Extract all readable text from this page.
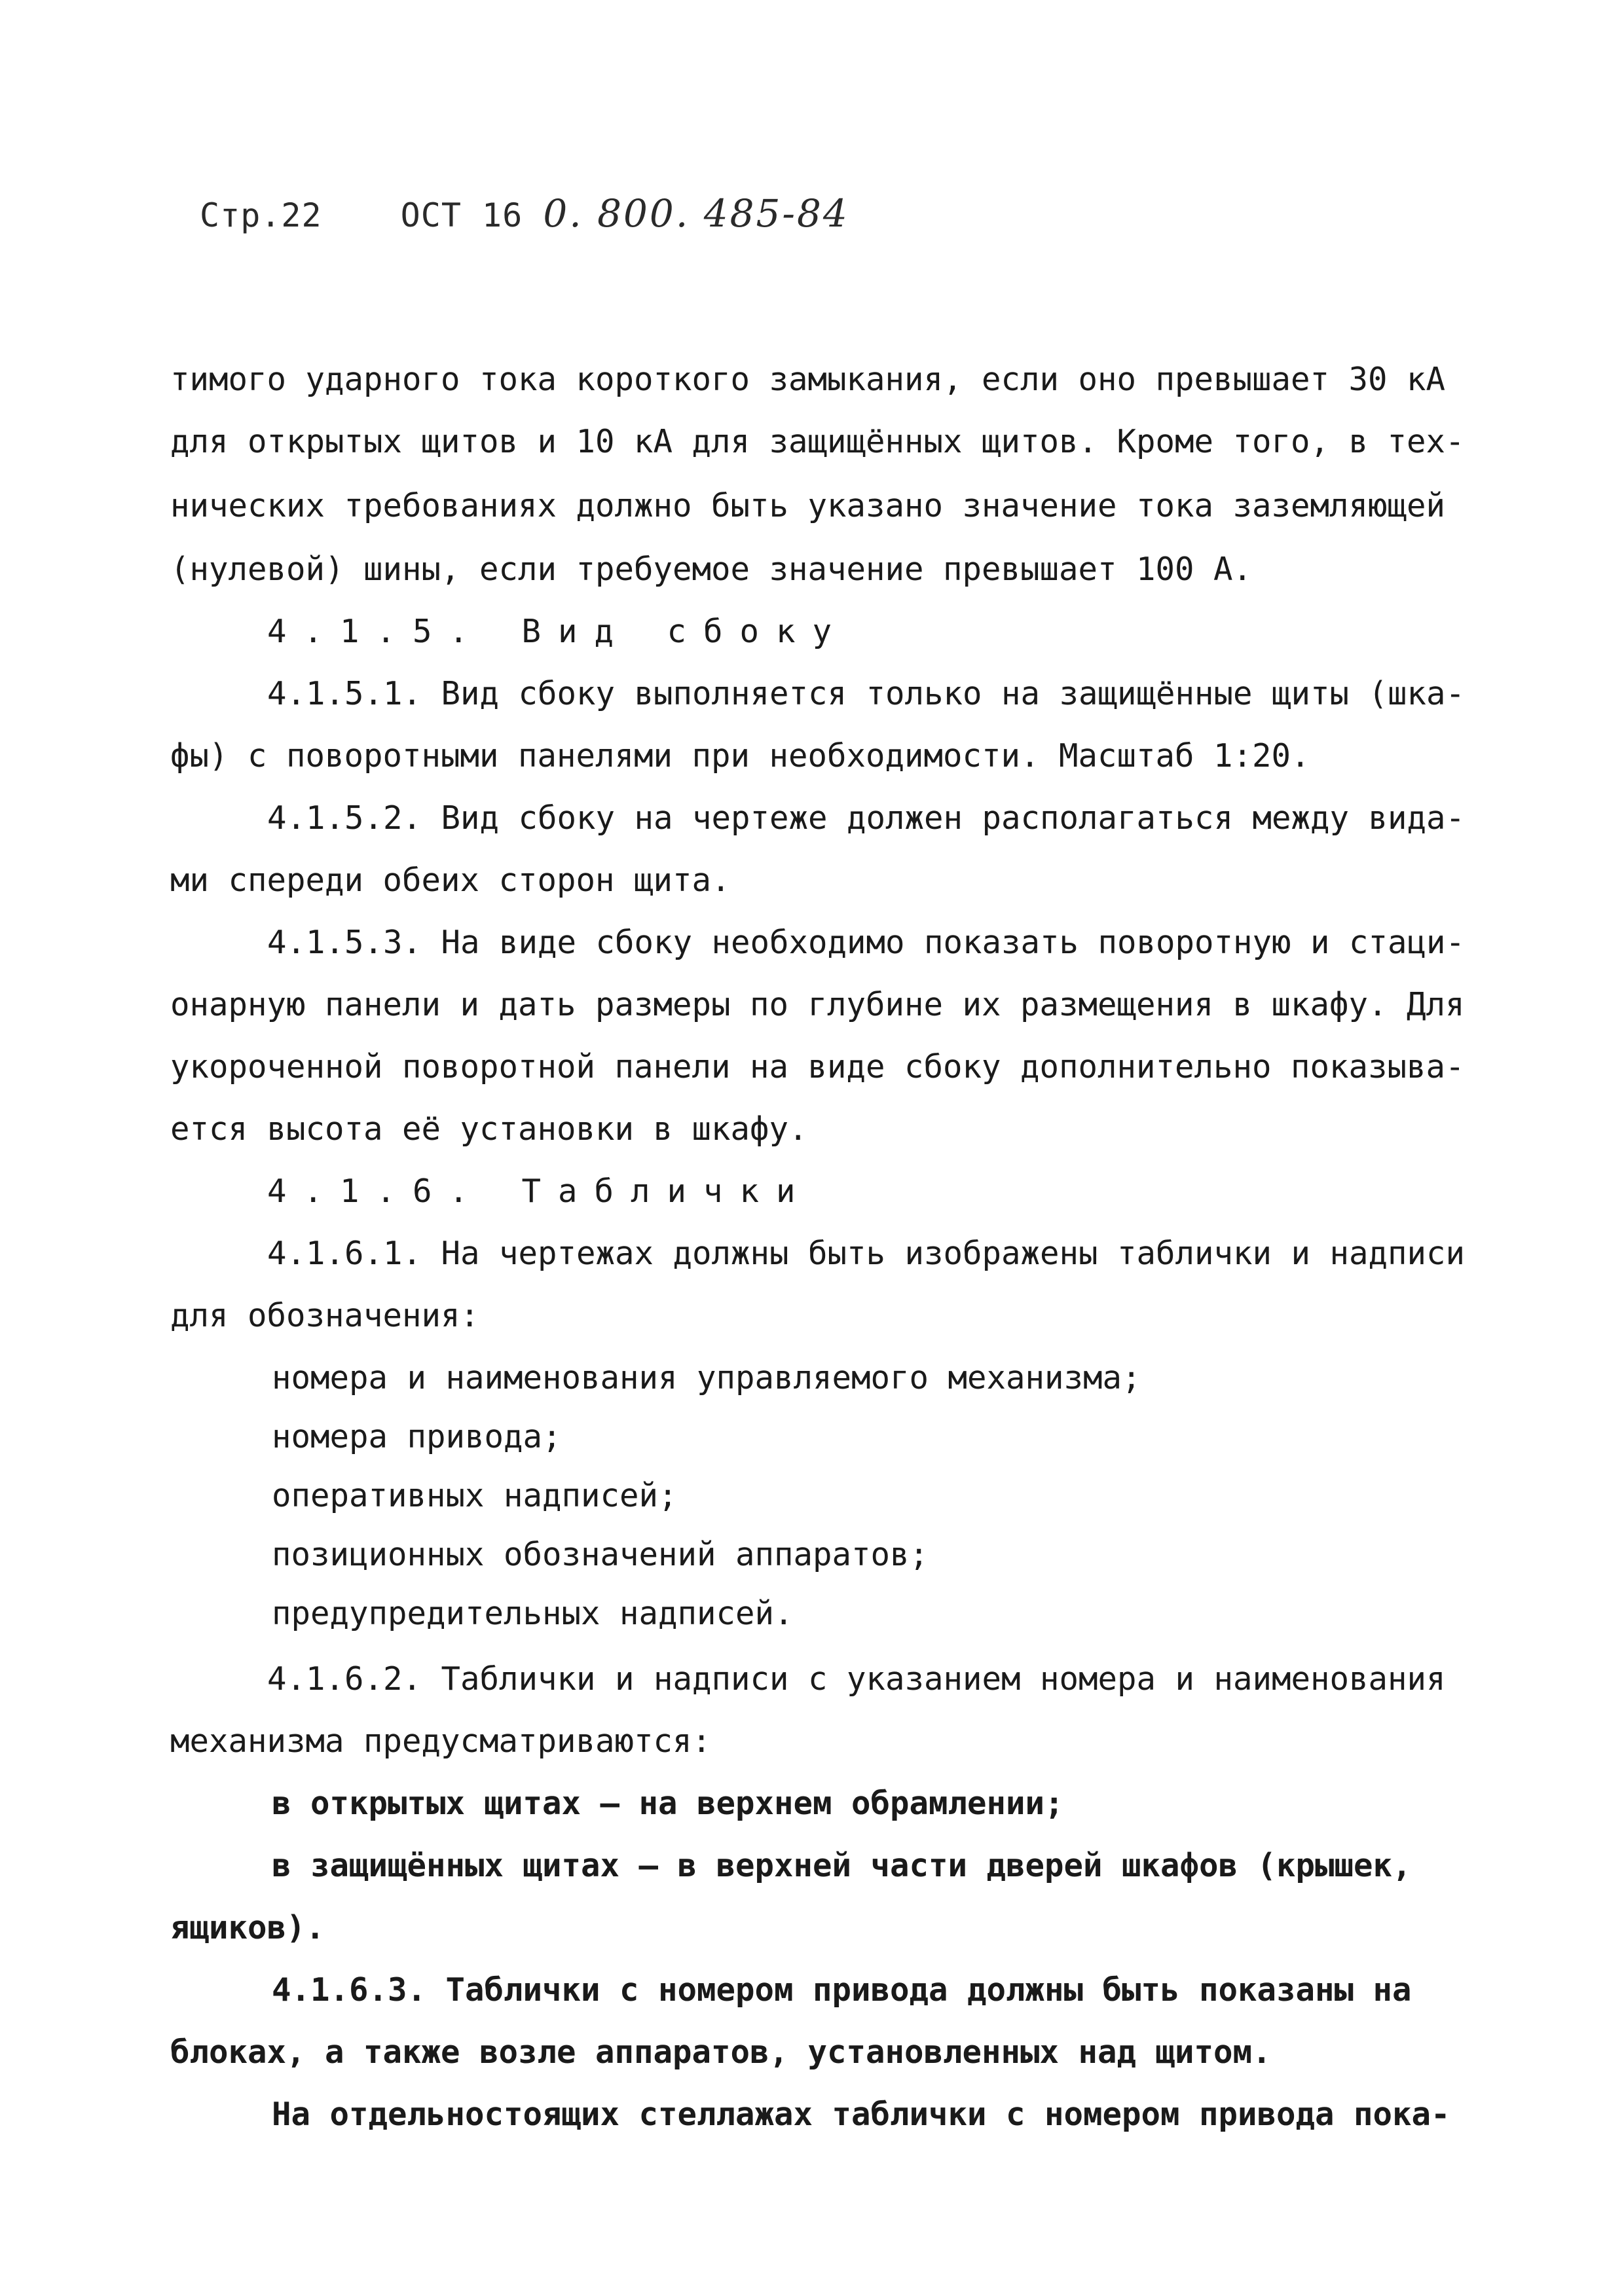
Стр.22 ОСТ 16 0. 800. 485-84
тимого ударного тока короткого замыкания, если оно превышает 30 кА
для открытых щитов и 10 кА для защищённых щитов. Кроме того, в тех-
нических требованиях должно быть указано значение тока заземляющей
(нулевой) шины, если требуемое значение превышает 100 А.
4.1.5. Вид сбоку
4.1.5.1. Вид сбоку выполняется только на защищённые щиты (шка-
фы) с поворотными панелями при необходимости. Масштаб 1:20.
4.1.5.2. Вид сбоку на чертеже должен располагаться между вида-
ми спереди обеих сторон щита.
4.1.5.3. На виде сбоку необходимо показать поворотную и стаци-
онарную панели и дать размеры по глубине их размещения в шкафу. Для
укороченной поворотной панели на виде сбоку дополнительно показыва-
ется высота её установки в шкафу.
4.1.6. Таблички
4.1.6.1. На чертежах должны быть изображены таблички и надписи
для обозначения:
номера и наименования управляемого механизма;
номера привода;
оперативных надписей;
позиционных обозначений аппаратов;
предупредительных надписей.
4.1.6.2. Таблички и надписи с указанием номера и наименования
механизма предусматриваются:
в открытых щитах – на верхнем обрамлении;
в защищённых щитах – в верхней части дверей шкафов (крышек,
ящиков).
4.1.6.3. Таблички с номером привода должны быть показаны на
блоках, а также возле аппаратов, установленных над щитом.
На отдельностоящих стеллажах таблички с номером привода пока-
